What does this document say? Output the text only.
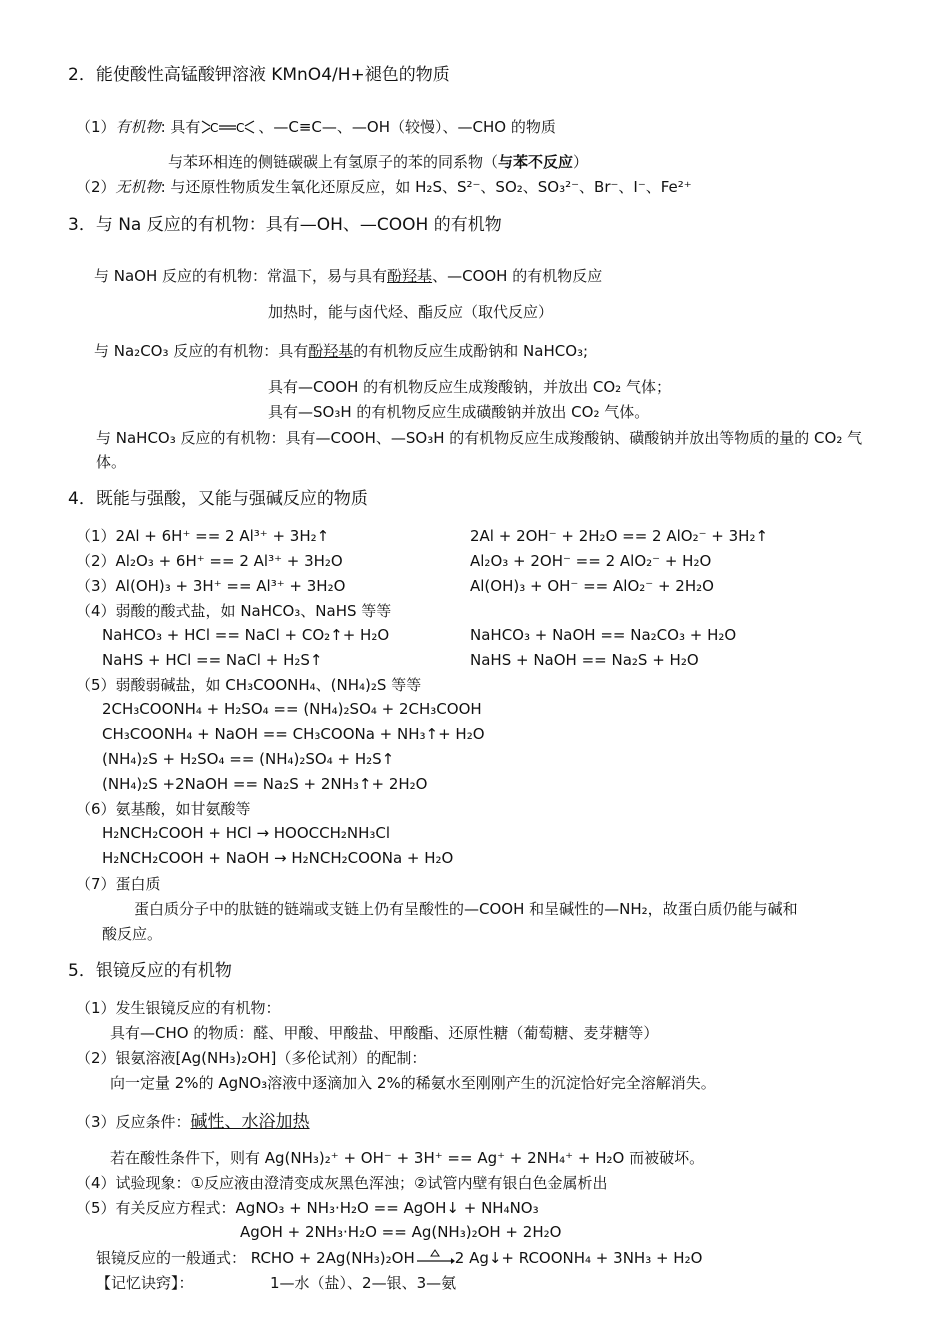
2．能使酸性高锰酸钾溶液 KMnO4/H+褪色的物质
（1）有机物: 具有 C C 、—C≡C—、—OH（较慢）、—CHO 的物质
与苯环相连的侧链碳碳上有氢原子的苯的同系物（与苯不反应）
（2）无机物: 与还原性物质发生氧化还原反应，如 H₂S、S²⁻、SO₂、SO₃²⁻、Br⁻、I⁻、Fe²⁺
3．与 Na 反应的有机物：具有—OH、—COOH 的有机物
与 NaOH 反应的有机物：常温下，易与具有酚羟基、—COOH 的有机物反应
加热时，能与卤代烃、酯反应（取代反应）
与 Na₂CO₃ 反应的有机物：具有酚羟基的有机物反应生成酚钠和 NaHCO₃;
具有—COOH 的有机物反应生成羧酸钠，并放出 CO₂ 气体；
具有—SO₃H 的有机物反应生成磺酸钠并放出 CO₂ 气体。
与 NaHCO₃ 反应的有机物：具有—COOH、—SO₃H 的有机物反应生成羧酸钠、磺酸钠并放出等物质的量的 CO₂ 气体。
4．既能与强酸，又能与强碱反应的物质
（1）2Al + 6H⁺ == 2 Al³⁺ + 3H₂↑	2Al + 2OH⁻ + 2H₂O == 2 AlO₂⁻ + 3H₂↑
（2）Al₂O₃ + 6H⁺ == 2 Al³⁺ + 3H₂O	Al₂O₃ + 2OH⁻ == 2 AlO₂⁻ + H₂O
（3）Al(OH)₃ + 3H⁺ == Al³⁺ + 3H₂O	Al(OH)₃ + OH⁻ == AlO₂⁻ + 2H₂O
（4）弱酸的酸式盐，如 NaHCO₃、NaHS 等等
NaHCO₃ + HCl == NaCl + CO₂↑+ H₂O	NaHCO₃ + NaOH == Na₂CO₃ + H₂O
NaHS + HCl == NaCl + H₂S↑	NaHS + NaOH == Na₂S + H₂O
（5）弱酸弱碱盐，如 CH₃COONH₄、(NH₄)₂S 等等
2CH₃COONH₄ + H₂SO₄ == (NH₄)₂SO₄ + 2CH₃COOH
CH₃COONH₄ + NaOH == CH₃COONa + NH₃↑+ H₂O
(NH₄)₂S + H₂SO₄ == (NH₄)₂SO₄ + H₂S↑
(NH₄)₂S +2NaOH == Na₂S + 2NH₃↑+ 2H₂O
（6）氨基酸，如甘氨酸等
H₂NCH₂COOH + HCl → HOOCCH₂NH₃Cl
H₂NCH₂COOH + NaOH → H₂NCH₂COONa + H₂O
（7）蛋白质
蛋白质分子中的肽链的链端或支链上仍有呈酸性的—COOH 和呈碱性的—NH₂，故蛋白质仍能与碱和
酸反应。
5．银镜反应的有机物
（1）发生银镜反应的有机物：
具有—CHO 的物质：醛、甲酸、甲酸盐、甲酸酯、还原性糖（葡萄糖、麦芽糖等）
（2）银氨溶液[Ag(NH₃)₂OH]（多伦试剂）的配制：
向一定量 2%的 AgNO₃溶液中逐滴加入 2%的稀氨水至刚刚产生的沉淀恰好完全溶解消失。
（3）反应条件：碱性、水浴加热
若在酸性条件下，则有 Ag(NH₃)₂⁺ + OH⁻ + 3H⁺ == Ag⁺ + 2NH₄⁺ + H₂O 而被破坏。
（4）试验现象：①反应液由澄清变成灰黑色浑浊；②试管内壁有银白色金属析出
（5）有关反应方程式：AgNO₃ + NH₃·H₂O == AgOH↓ + NH₄NO₃
AgOH + 2NH₃·H₂O == Ag(NH₃)₂OH + 2H₂O
银镜反应的一般通式： RCHO + 2Ag(NH₃)₂OH	2 Ag↓+ RCOONH₄ + 3NH₃ + H₂O
【记忆诀窍】：	1—水（盐）、2—银、3—氨
